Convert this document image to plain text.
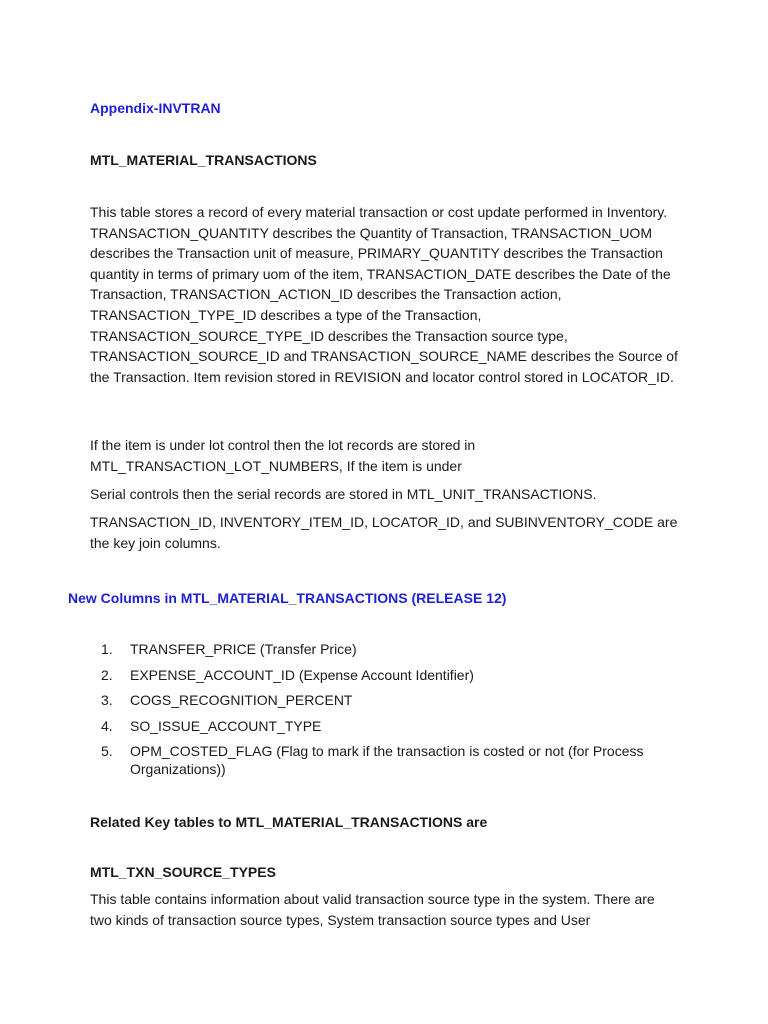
Appendix-INVTRAN
MTL_MATERIAL_TRANSACTIONS

This table stores a record of every material transaction or cost update performed in Inventory. TRANSACTION_QUANTITY describes the Quantity of Transaction, TRANSACTION_UOM describes the Transaction unit of measure, PRIMARY_QUANTITY describes the Transaction quantity in terms of primary uom of the item, TRANSACTION_DATE describes the Date of the Transaction, TRANSACTION_ACTION_ID describes the Transaction action, TRANSACTION_TYPE_ID describes a type of the Transaction, TRANSACTION_SOURCE_TYPE_ID describes the Transaction source type, TRANSACTION_SOURCE_ID and TRANSACTION_SOURCE_NAME describes the Source of the Transaction. Item revision stored in REVISION and locator control stored in LOCATOR_ID.

If the item is under lot control then the lot records are stored in MTL_TRANSACTION_LOT_NUMBERS, If the item is under

Serial controls then the serial records are stored in MTL_UNIT_TRANSACTIONS.

TRANSACTION_ID, INVENTORY_ITEM_ID, LOCATOR_ID, and SUBINVENTORY_CODE are the key join columns.

New Columns in MTL_MATERIAL_TRANSACTIONS (RELEASE 12)
1. TRANSFER_PRICE (Transfer Price)
2. EXPENSE_ACCOUNT_ID (Expense Account Identifier)
3. COGS_RECOGNITION_PERCENT
4. SO_ISSUE_ACCOUNT_TYPE
5. OPM_COSTED_FLAG (Flag to mark if the transaction is costed or not (for Process Organizations))
Related Key tables to MTL_MATERIAL_TRANSACTIONS are
MTL_TXN_SOURCE_TYPES

This table contains information about valid transaction source type in the system. There are two kinds of transaction source types, System transaction source types and User
